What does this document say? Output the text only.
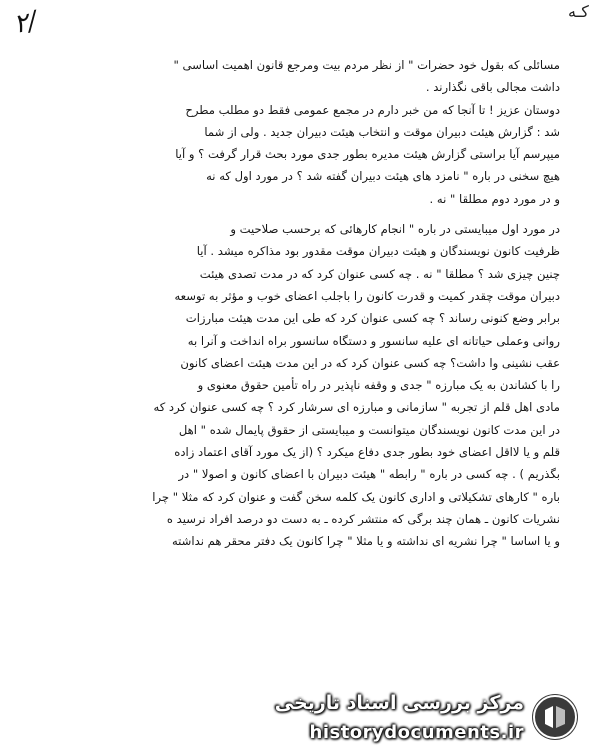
۲/	کـه

مسائلی که بقول خود حضرات " از نظر مردم بیت ومرجع قانون اهمیت اساسی "

داشت مجالی باقی نگذارند .

دوستان عزیز ! تا آنجا که من خبر دارم در مجمع عمومی فقط دو مطلب مطرح

شد : گزارش هیئت دبیران موقت و انتخاب هیئت دبیران جدید . ولی از شما

میپرسم آیا براستی گزارش هیئت مدیره بطور جدی مورد بحث قرار گرفت ؟ و آیا

هیچ سخنی در باره " نامزد های هیئت دبیران گفته شد ؟ در مورد اول که نه

و در مورد دوم مطلقا " نه .

در مورد اول میبایستی در باره " انجام کارهائی که برحسب صلاحیت و

ظرفیت کانون نویسندگان و هیئت دبیران موقت مقدور بود مذاکره میشد . آیا

چنین چیزی شد ؟ مطلقا " نه . چه کسی عنوان کرد که در مدت تصدی هیئت

دبیران موقت چقدر کمیت و قدرت کانون را باجلب اعضای خوب و مؤثر به توسعه

برابر وضع کنونی رساند ؟ چه کسی عنوان کرد که طی این مدت هیئت مبارزات

روانی وعملی حیاتانه ای علیه سانسور و دستگاه سانسور براه انداخت و آنرا به

عقب نشینی وا داشت؟ چه کسی عنوان کرد که در این مدت هیئت اعضای کانون

را با کشاندن به یک مبارزه " جدی و وقفه ناپذیر در راه تأمین حقوق معنوی و

مادی اهل قلم از تجربه " سازمانی و مبارزه ای سرشار کرد ؟ چه کسی عنوان کرد که

در این مدت کانون نویسندگان میتوانست و میبایستی از حقوق پایمال شده " اهل

قلم و یا لااقل اعضای خود بطور جدی دفاع میکرد ؟ (از یک مورد آقای اعتماد زاده

بگذریم ) . چه کسی در باره " رابطه " هیئت دبیران با اعضای کانون و اصولا " در

باره " کارهای تشکیلاتی و اداری کانون یک کلمه سخن گفت و عنوان کرد که مثلا " چرا

نشریات کانون ـ همان چند برگی که منتشر کرده ـ به دست دو درصد افراد نرسید ه

و یا اساسا " چرا نشریه ای نداشته و یا مثلا " چرا کانون یک دفتر محقر هم نداشته

مرکز بررسی اسناد تاریخی
historydocuments.ir
